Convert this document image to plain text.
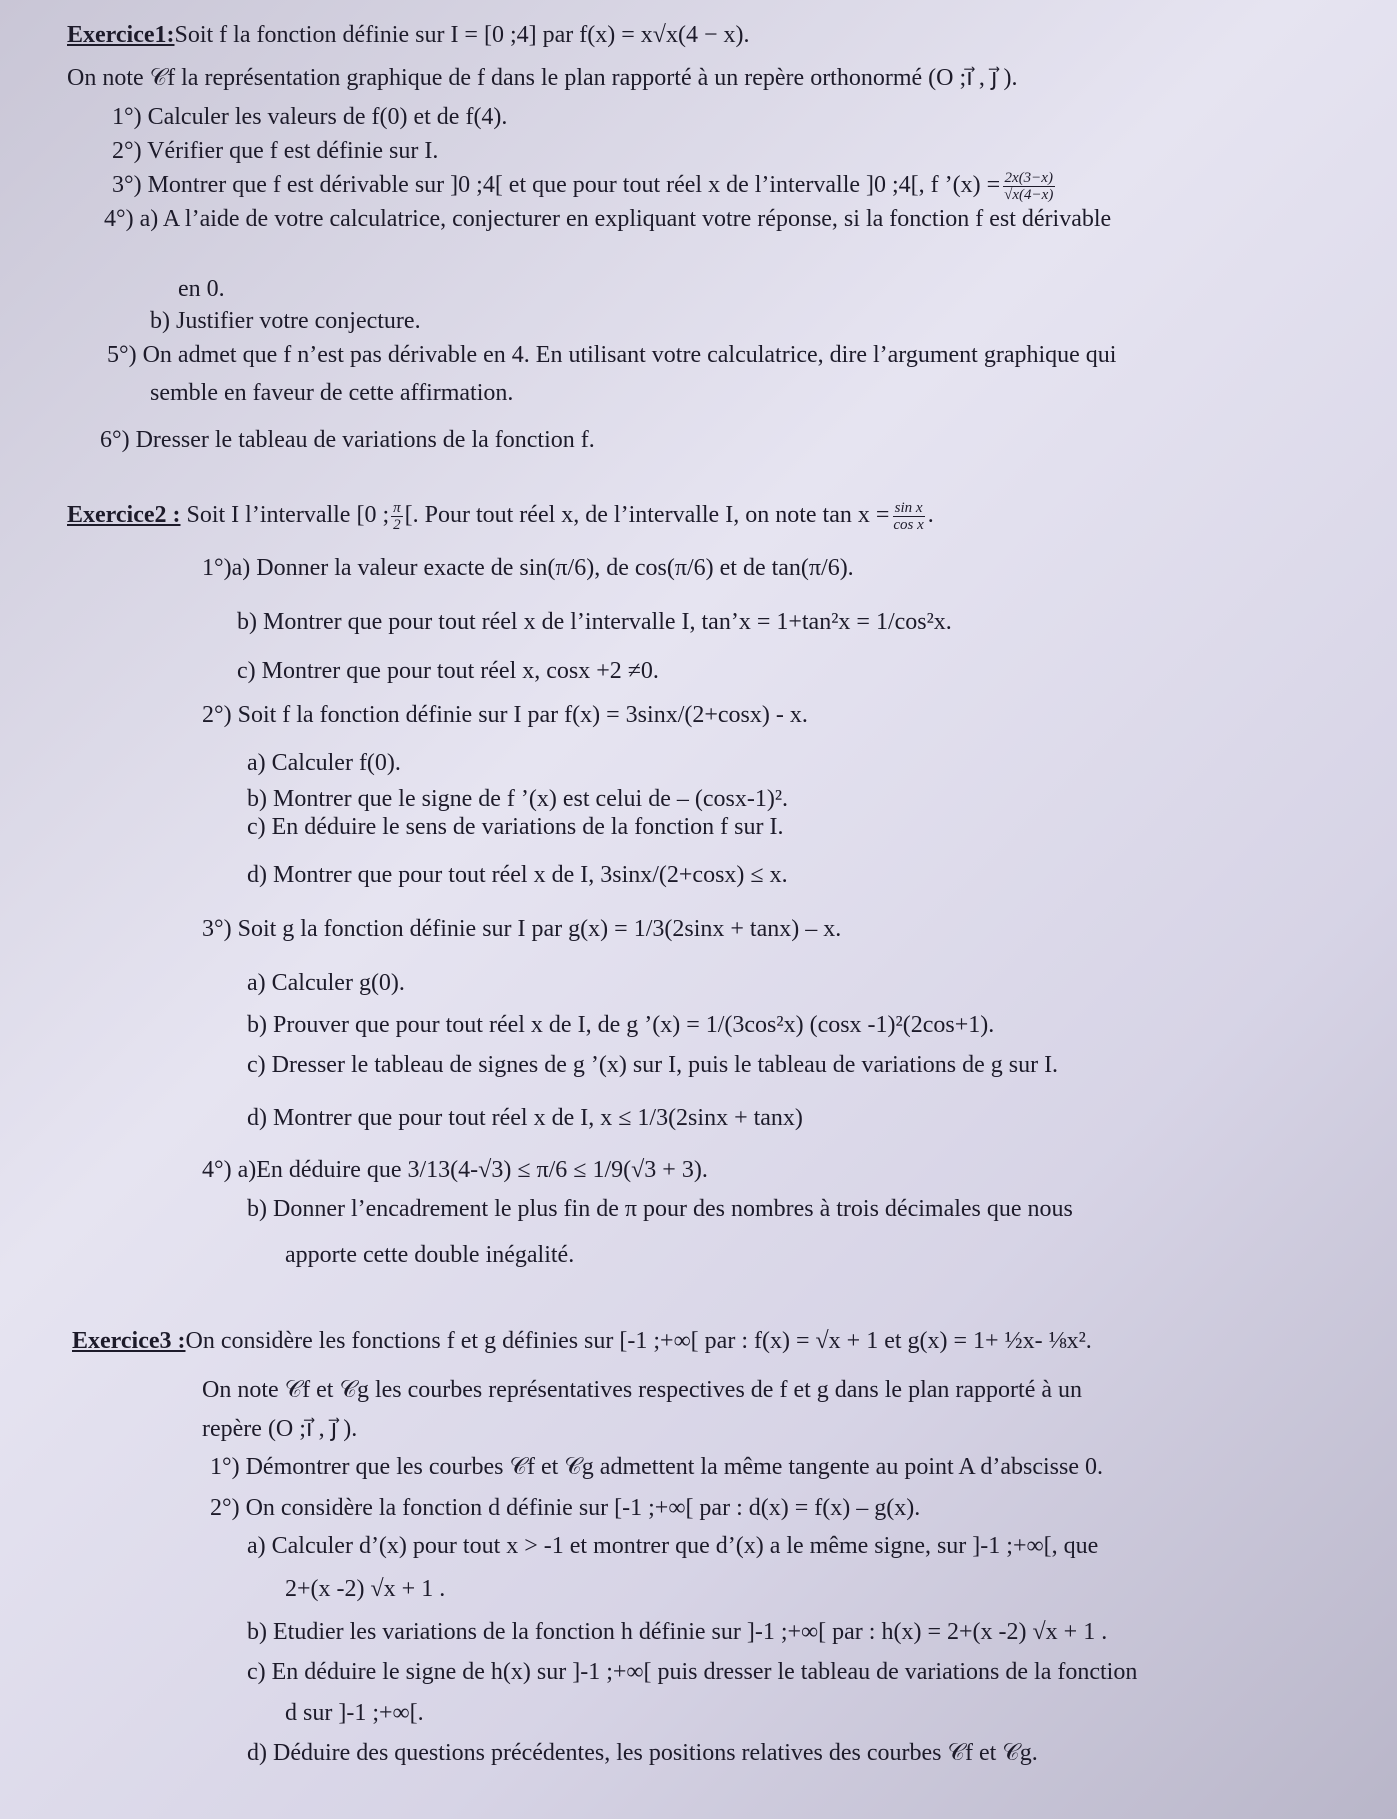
Exercice1:Soit f la fonction définie sur I = [0 ;4] par f(x) = x√x(4 − x).
On note 𝒞f la représentation graphique de f dans le plan rapporté à un repère orthonormé (O ;i⃗ , j⃗ ).
1°) Calculer les valeurs de f(0) et de f(4).
2°) Vérifier que f est définie sur I.
3°) Montrer que f est dérivable sur ]0 ;4[ et que pour tout réel x de l’intervalle ]0 ;4[, f ’(x) = $\frac{2x(3-x)}{√x(4-x)}$
4°) a) A l’aide de votre calculatrice, conjecturer en expliquant votre réponse, si la fonction f est dérivable
en 0.
b) Justifier votre conjecture.
5°) On admet que f n’est pas dérivable en 4. En utilisant votre calculatrice, dire l’argument graphique qui
semble en faveur de cette affirmation.
6°) Dresser le tableau de variations de la fonction f.
Exercice2 : Soit I l’intervalle [0 ; $\frac{\pi}{2}$ [. Pour tout réel x, de l’intervalle I, on note $\tan x = \frac{\text{sin x}}{\text{cos x}}$ .
1°)a) Donner la valeur exacte de sin(π/6), de cos(π/6) et de tan(π/6).
b) Montrer que pour tout réel x de l’intervalle I, tan’x = 1+tan²x = 1/cos²x.
c) Montrer que pour tout réel x, cosx +2 ≠0.
2°) Soit f la fonction définie sur I par f(x) = 3sinx/(2+cosx) - x.
a) Calculer f(0).
b) Montrer que le signe de f ’(x) est celui de – (cosx-1)².
c) En déduire le sens de variations de la fonction f sur I.
d) Montrer que pour tout réel x de I, 3sinx/(2+cosx) ≤ x.
3°) Soit g la fonction définie sur I par g(x) = 1/3(2sinx + tanx) – x.
a) Calculer g(0).
b) Prouver que pour tout réel x de I, de g ’(x) = 1/(3cos²x) (cosx -1)²(2cos+1).
c) Dresser le tableau de signes de g ’(x) sur I, puis le tableau de variations de g sur I.
d) Montrer que pour tout réel x de I, x ≤ 1/3(2sinx + tanx)
4°) a)En déduire que 3/13(4-√3) ≤ π/6 ≤ 1/9(√3 + 3).
b) Donner l’encadrement le plus fin de π pour des nombres à trois décimales que nous
apporte cette double inégalité.
Exercice3 :On considère les fonctions f et g définies sur [-1 ;+∞[ par : f(x) = √x + 1 et g(x) = 1+ ½x- ⅛x².
On note 𝒞f et 𝒞g les courbes représentatives respectives de f et g dans le plan rapporté à un
repère (O ;i⃗ , j⃗ ).
1°) Démontrer que les courbes 𝒞f et 𝒞g admettent la même tangente au point A d’abscisse 0.
2°) On considère la fonction d définie sur [-1 ;+∞[ par : d(x) = f(x) – g(x).
a) Calculer d’(x) pour tout x > -1 et montrer que d’(x) a le même signe, sur ]-1 ;+∞[, que
2+(x -2) √x + 1 .
b) Etudier les variations de la fonction h définie sur ]-1 ;+∞[ par : h(x) = 2+(x -2) √x + 1 .
c) En déduire le signe de h(x) sur ]-1 ;+∞[ puis dresser le tableau de variations de la fonction
d sur ]-1 ;+∞[.
d) Déduire des questions précédentes, les positions relatives des courbes 𝒞f et 𝒞g.
